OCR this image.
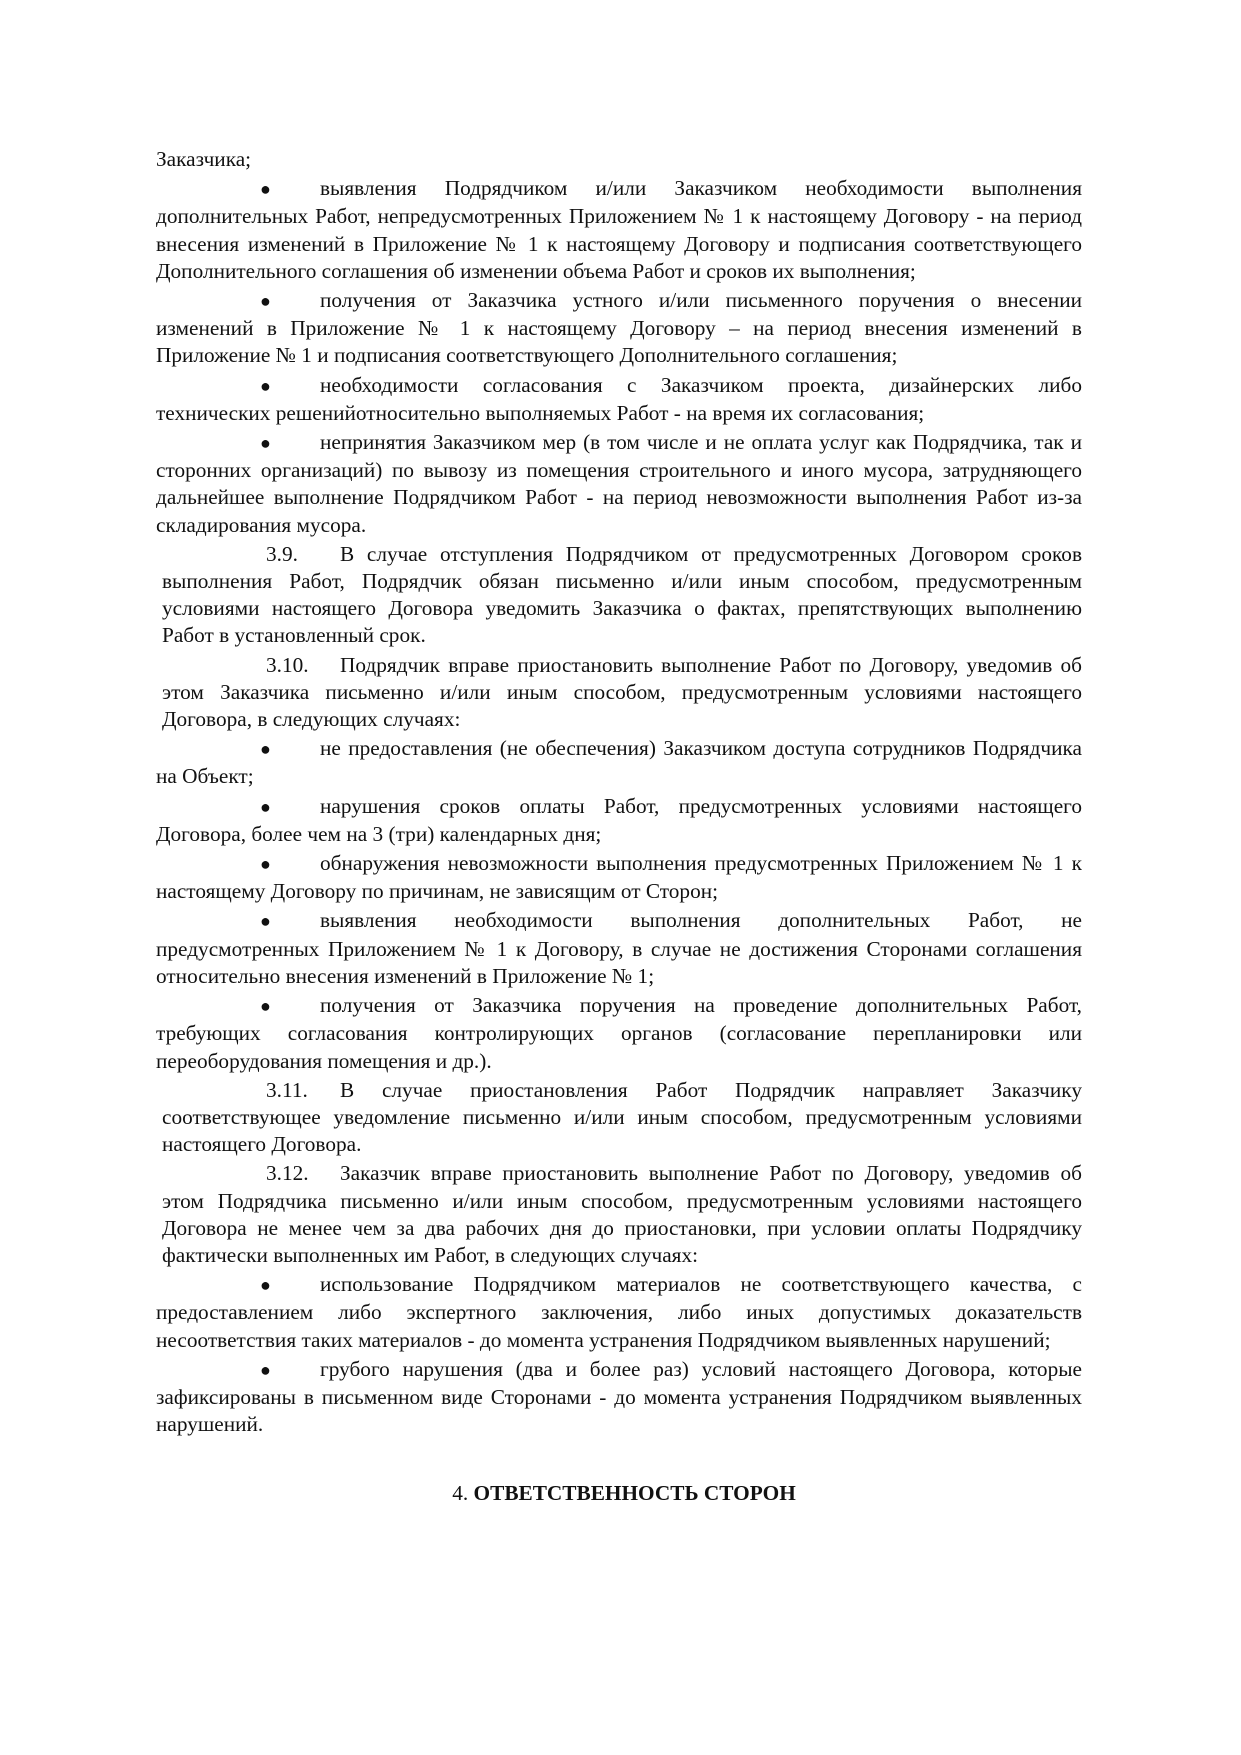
Заказчика;

● выявления Подрядчиком и/или Заказчиком необходимости выполнения дополнительных Работ, непредусмотренных Приложением № 1 к настоящему Договору - на период внесения изменений в Приложение № 1 к настоящему Договору и подписания соответствующего Дополнительного соглашения об изменении объема Работ и сроков их выполнения;

● получения от Заказчика устного и/или письменного поручения о внесении изменений в Приложение № 1 к настоящему Договору – на период внесения изменений в Приложение № 1 и подписания соответствующего Дополнительного соглашения;

● необходимости согласования с Заказчиком проекта, дизайнерских либо технических решенийотносительно выполняемых Работ - на время их согласования;

● непринятия Заказчиком мер (в том числе и не оплата услуг как Подрядчика, так и сторонних организаций) по вывозу из помещения строительного и иного мусора, затрудняющего дальнейшее выполнение Подрядчиком Работ - на период невозможности выполнения Работ из-за складирования мусора.

3.9. В случае отступления Подрядчиком от предусмотренных Договором сроков выполнения Работ, Подрядчик обязан письменно и/или иным способом, предусмотренным условиями настоящего Договора уведомить Заказчика о фактах, препятствующих выполнению Работ в установленный срок.

3.10. Подрядчик вправе приостановить выполнение Работ по Договору, уведомив об этом Заказчика письменно и/или иным способом, предусмотренным условиями настоящего Договора, в следующих случаях:

● не предоставления (не обеспечения) Заказчиком доступа сотрудников Подрядчика на Объект;

● нарушения сроков оплаты Работ, предусмотренных условиями настоящего Договора, более чем на 3 (три) календарных дня;

● обнаружения невозможности выполнения предусмотренных Приложением № 1 к настоящему Договору по причинам, не зависящим от Сторон;

● выявления необходимости выполнения дополнительных Работ, не предусмотренных Приложением № 1 к Договору, в случае не достижения Сторонами соглашения относительно внесения изменений в Приложение № 1;

● получения от Заказчика поручения на проведение дополнительных Работ, требующих согласования контролирующих органов (согласование перепланировки или переоборудования помещения и др.).

3.11. В случае приостановления Работ Подрядчик направляет Заказчику соответствующее уведомление письменно и/или иным способом, предусмотренным условиями настоящего Договора.

3.12. Заказчик вправе приостановить выполнение Работ по Договору, уведомив об этом Подрядчика письменно и/или иным способом, предусмотренным условиями настоящего Договора не менее чем за два рабочих дня до приостановки, при условии оплаты Подрядчику фактически выполненных им Работ, в следующих случаях:

● использование Подрядчиком материалов не соответствующего качества, с предоставлением либо экспертного заключения, либо иных допустимых доказательств несоответствия таких материалов - до момента устранения Подрядчиком выявленных нарушений;

● грубого нарушения (два и более раз) условий настоящего Договора, которые зафиксированы в письменном виде Сторонами - до момента устранения Подрядчиком выявленных нарушений.

4. ОТВЕТСТВЕННОСТЬ СТОРОН
